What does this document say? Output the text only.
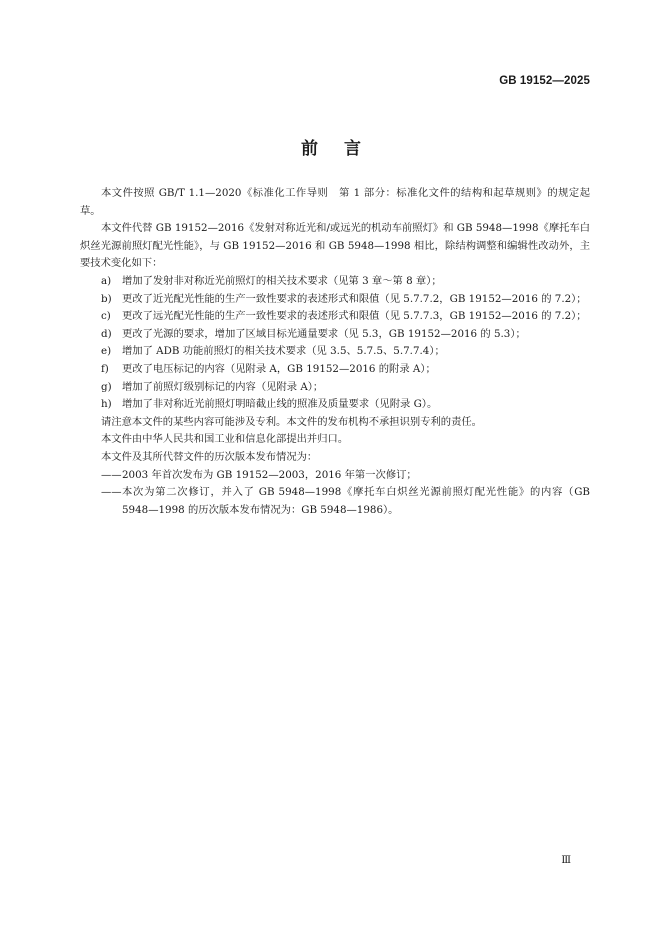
GB 19152—2025
前言
本文件按照 GB/T 1.1—2020《标准化工作导则　第 1 部分：标准化文件的结构和起草规则》的规定起草。
本文件代替 GB 19152—2016《发射对称近光和/或远光的机动车前照灯》和 GB 5948—1998《摩托车白炽丝光源前照灯配光性能》，与 GB 19152—2016 和 GB 5948—1998 相比，除结构调整和编辑性改动外，主要技术变化如下：
a) 增加了发射非对称近光前照灯的相关技术要求（见第 3 章～第 8 章）；
b) 更改了近光配光性能的生产一致性要求的表述形式和限值（见 5.7.7.2，GB 19152—2016 的 7.2）；
c) 更改了远光配光性能的生产一致性要求的表述形式和限值（见 5.7.7.3，GB 19152—2016 的 7.2）；
d) 更改了光源的要求，增加了区域目标光通量要求（见 5.3，GB 19152—2016 的 5.3）；
e) 增加了 ADB 功能前照灯的相关技术要求（见 3.5、5.7.5、5.7.7.4）；
f) 更改了电压标记的内容（见附录 A，GB 19152—2016 的附录 A）；
g) 增加了前照灯级别标记的内容（见附录 A）；
h) 增加了非对称近光前照灯明暗截止线的照准及质量要求（见附录 G）。
请注意本文件的某些内容可能涉及专利。本文件的发布机构不承担识别专利的责任。
本文件由中华人民共和国工业和信息化部提出并归口。
本文件及其所代替文件的历次版本发布情况为：
—— 2003 年首次发布为 GB 19152—2003，2016 年第一次修订；
—— 本次为第二次修订，并入了 GB 5948—1998《摩托车白炽丝光源前照灯配光性能》的内容（GB 5948—1998 的历次版本发布情况为：GB 5948—1986）。
Ⅲ
